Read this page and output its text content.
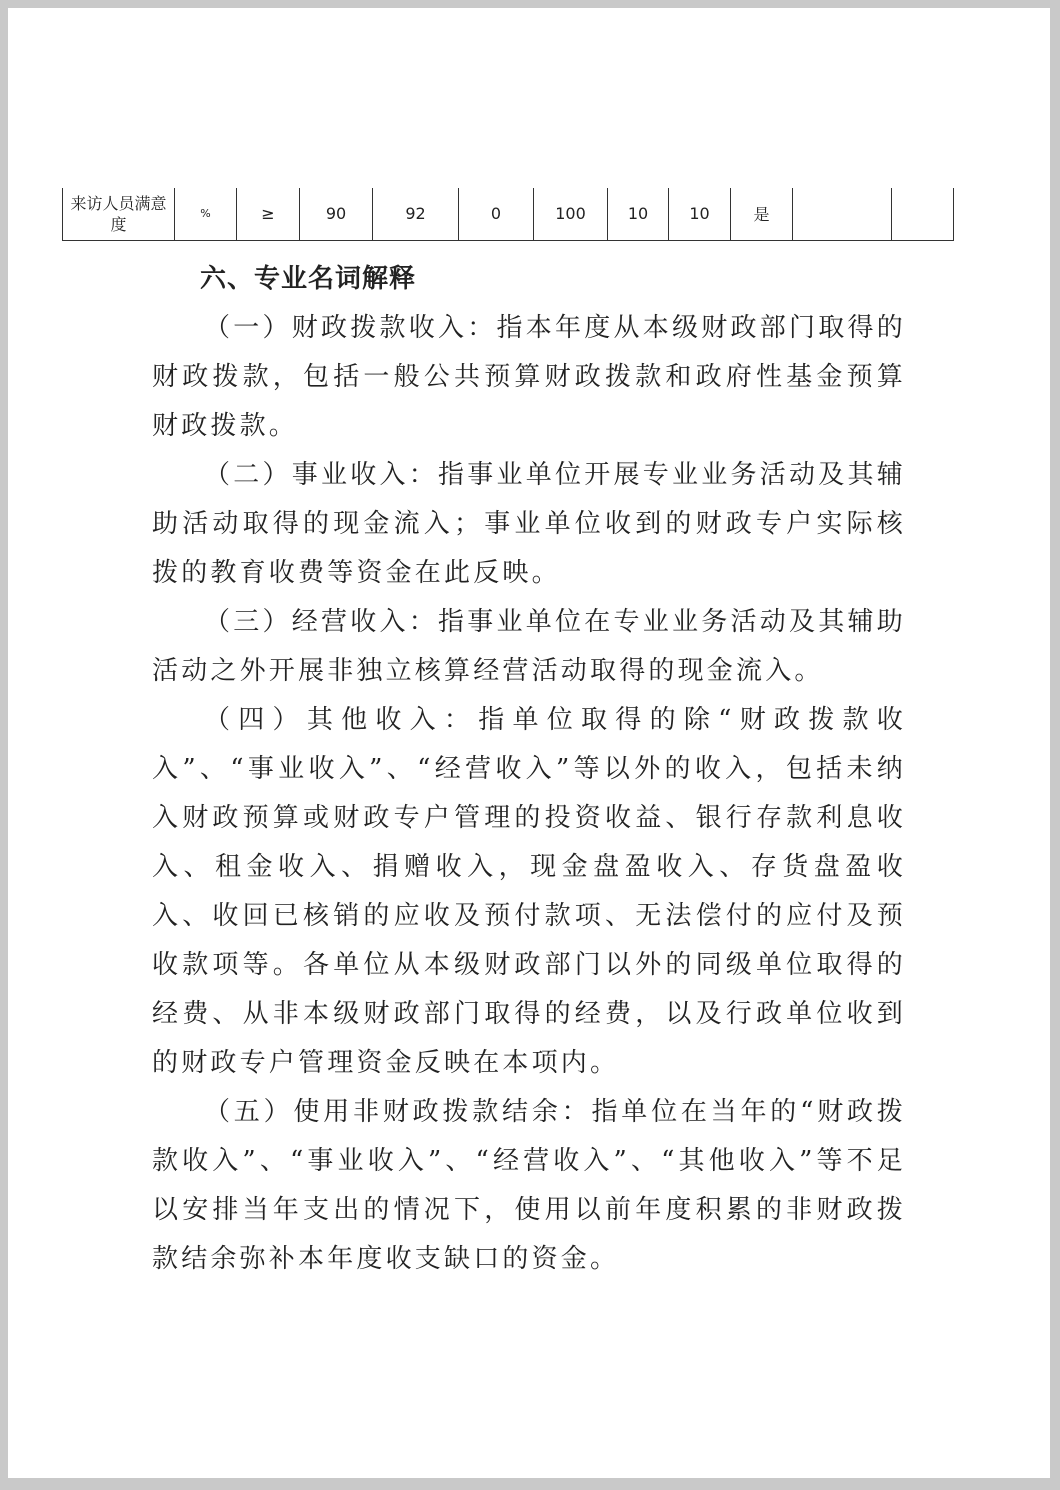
来访人员满意度	%	≥	90	92	0	100	10	10	是		
六、专业名词解释

（一）财政拨款收入：指本年度从本级财政部门取得的财政拨款，包括一般公共预算财政拨款和政府性基金预算财政拨款。

（二）事业收入：指事业单位开展专业业务活动及其辅助活动取得的现金流入；事业单位收到的财政专户实际核拨的教育收费等资金在此反映。

（三）经营收入：指事业单位在专业业务活动及其辅助活动之外开展非独立核算经营活动取得的现金流入。

（四）其他收入：指单位取得的除“财政拨款收入”、“事业收入”、“经营收入”等以外的收入，包括未纳入财政预算或财政专户管理的投资收益、银行存款利息收入、租金收入、捐赠收入，现金盘盈收入、存货盘盈收入、收回已核销的应收及预付款项、无法偿付的应付及预收款项等。各单位从本级财政部门以外的同级单位取得的经费、从非本级财政部门取得的经费，以及行政单位收到的财政专户管理资金反映在本项内。

（五）使用非财政拨款结余：指单位在当年的“财政拨款收入”、“事业收入”、“经营收入”、“其他收入”等不足以安排当年支出的情况下，使用以前年度积累的非财政拨款结余弥补本年度收支缺口的资金。
